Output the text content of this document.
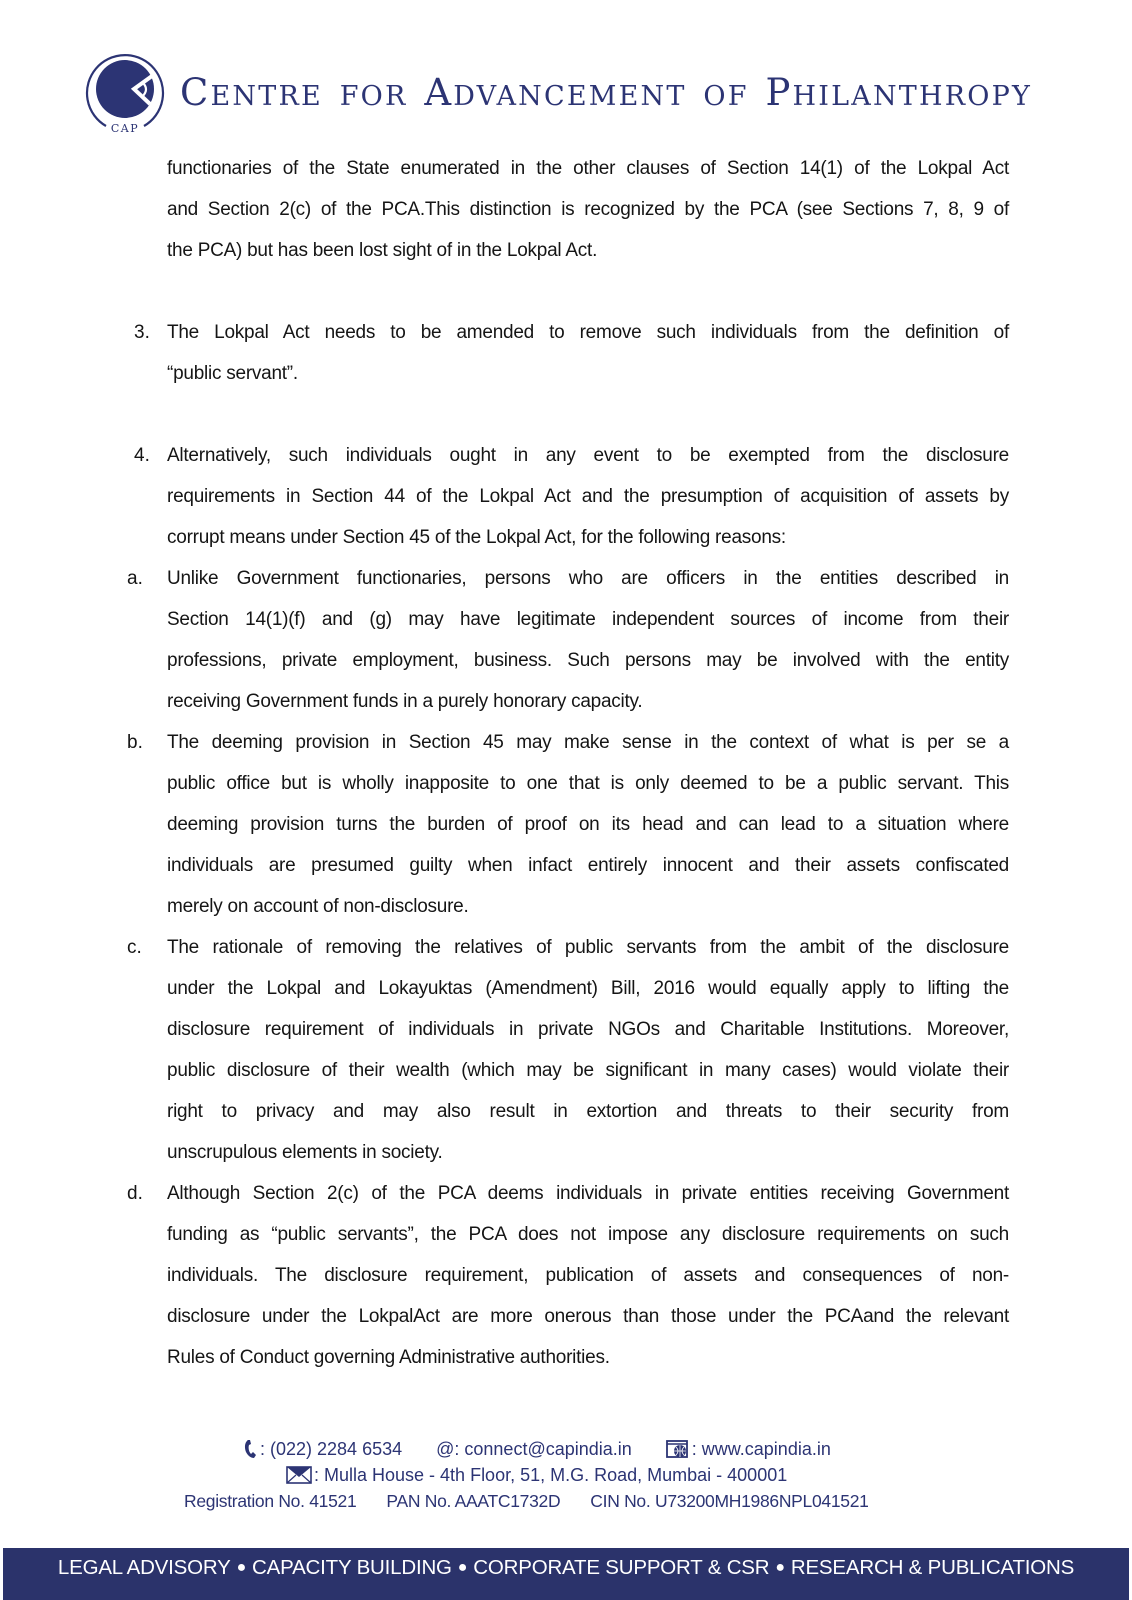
CAP
CENTRE FOR ADVANCEMENT OF PHILANTHROPY
functionaries of the State enumerated in the other clauses of Section 14(1) of the Lokpal Act
and Section 2(c) of the PCA.This distinction is recognized by the PCA (see Sections 7, 8, 9 of
the PCA) but has been lost sight of in the Lokpal Act.
3. The Lokpal Act needs to be amended to remove such individuals from the definition of
“public servant”.
4. Alternatively, such individuals ought in any event to be exempted from the disclosure
requirements in Section 44 of the Lokpal Act and the presumption of acquisition of assets by
corrupt means under Section 45 of the Lokpal Act, for the following reasons:
a. Unlike Government functionaries, persons who are officers in the entities described in
Section 14(1)(f) and (g) may have legitimate independent sources of income from their
professions, private employment, business. Such persons may be involved with the entity
receiving Government funds in a purely honorary capacity.
b. The deeming provision in Section 45 may make sense in the context of what is per se a
public office but is wholly inapposite to one that is only deemed to be a public servant. This
deeming provision turns the burden of proof on its head and can lead to a situation where
individuals are presumed guilty when infact entirely innocent and their assets confiscated
merely on account of non-disclosure.
c. The rationale of removing the relatives of public servants from the ambit of the disclosure
under the Lokpal and Lokayuktas (Amendment) Bill, 2016 would equally apply to lifting the
disclosure requirement of individuals in private NGOs and Charitable Institutions. Moreover,
public disclosure of their wealth (which may be significant in many cases) would violate their
right to privacy and may also result in extortion and threats to their security from
unscrupulous elements in society.
d. Although Section 2(c) of the PCA deems individuals in private entities receiving Government
funding as “public servants”, the PCA does not impose any disclosure requirements on such
individuals. The disclosure requirement, publication of assets and consequences of non-
disclosure under the LokpalAct are more onerous than those under the PCAand the relevant
Rules of Conduct governing Administrative authorities.
: (022) 2284 6534 @: connect@capindia.in	: www.capindia.in
: Mulla House - 4th Floor, 51, M.G. Road, Mumbai - 400001
Registration No. 41521 PAN No. AAATC1732D CIN No. U73200MH1986NPL041521
LEGAL ADVISORY ● CAPACITY BUILDING ● CORPORATE SUPPORT & CSR ● RESEARCH & PUBLICATIONS
